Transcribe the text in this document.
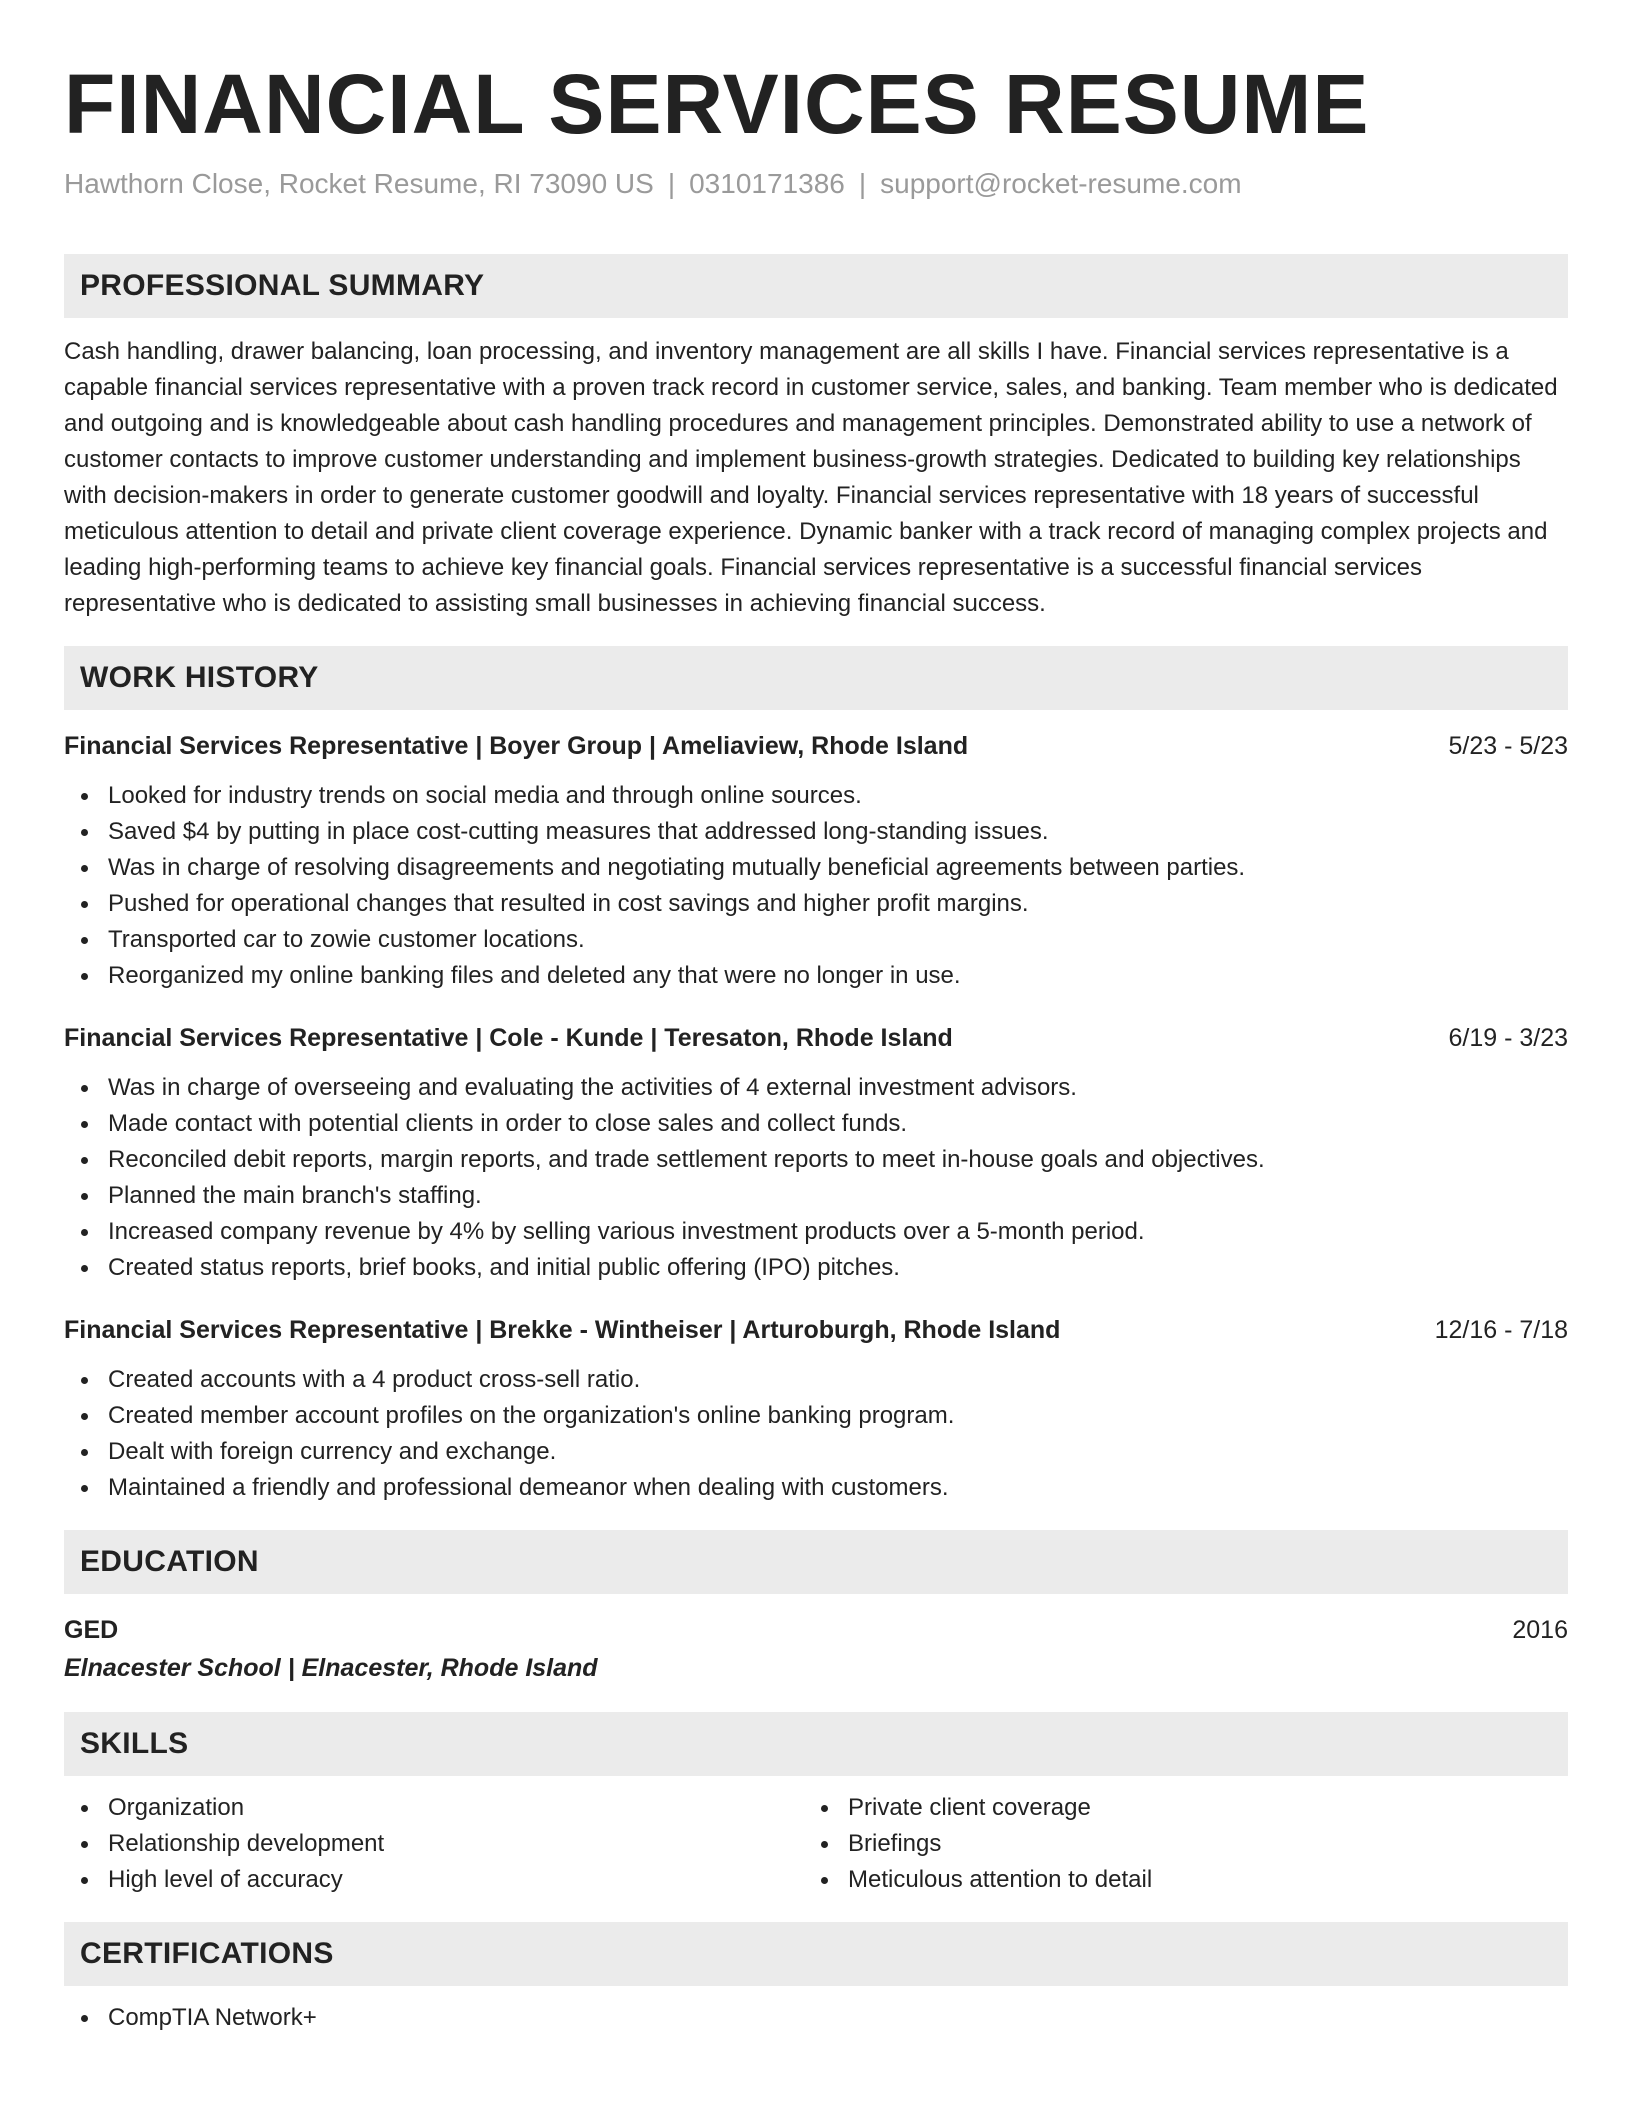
FINANCIAL SERVICES RESUME
Hawthorn Close, Rocket Resume, RI 73090 US | 0310171386 | support@rocket-resume.com
PROFESSIONAL SUMMARY

Cash handling, drawer balancing, loan processing, and inventory management are all skills I have. Financial services representative is a capable financial services representative with a proven track record in customer service, sales, and banking. Team member who is dedicated and outgoing and is knowledgeable about cash handling procedures and management principles. Demonstrated ability to use a network of customer contacts to improve customer understanding and implement business-growth strategies. Dedicated to building key relationships with decision-makers in order to generate customer goodwill and loyalty. Financial services representative with 18 years of successful meticulous attention to detail and private client coverage experience. Dynamic banker with a track record of managing complex projects and leading high-performing teams to achieve key financial goals. Financial services representative is a successful financial services representative who is dedicated to assisting small businesses in achieving financial success.

WORK HISTORY
Financial Services Representative | Boyer Group | Ameliaview, Rhode Island	5/23 - 5/23
Looked for industry trends on social media and through online sources.
Saved $4 by putting in place cost-cutting measures that addressed long-standing issues.
Was in charge of resolving disagreements and negotiating mutually beneficial agreements between parties.
Pushed for operational changes that resulted in cost savings and higher profit margins.
Transported car to zowie customer locations.
Reorganized my online banking files and deleted any that were no longer in use.
Financial Services Representative | Cole - Kunde | Teresaton, Rhode Island	6/19 - 3/23
Was in charge of overseeing and evaluating the activities of 4 external investment advisors.
Made contact with potential clients in order to close sales and collect funds.
Reconciled debit reports, margin reports, and trade settlement reports to meet in-house goals and objectives.
Planned the main branch's staffing.
Increased company revenue by 4% by selling various investment products over a 5-month period.
Created status reports, brief books, and initial public offering (IPO) pitches.
Financial Services Representative | Brekke - Wintheiser | Arturoburgh, Rhode Island	12/16 - 7/18
Created accounts with a 4 product cross-sell ratio.
Created member account profiles on the organization's online banking program.
Dealt with foreign currency and exchange.
Maintained a friendly and professional demeanor when dealing with customers.
EDUCATION
GED	2016
Elnacester School | Elnacester, Rhode Island
SKILLS
Organization
Relationship development
High level of accuracy
Private client coverage
Briefings
Meticulous attention to detail
CERTIFICATIONS
CompTIA Network+
